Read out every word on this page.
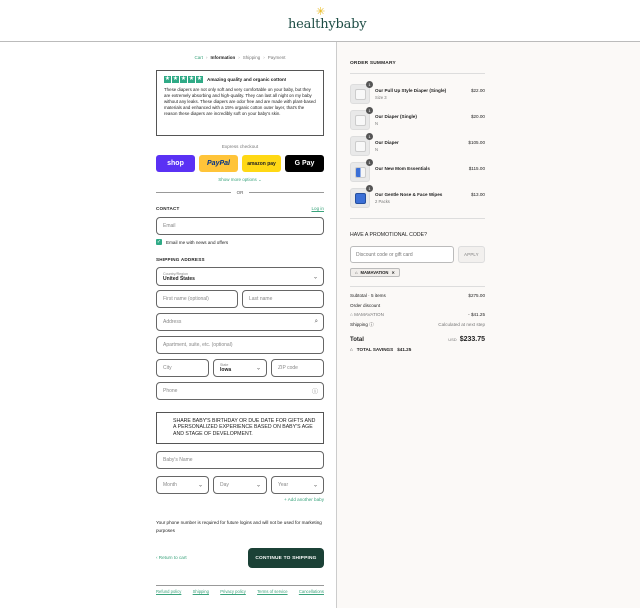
✳
healthybaby
Cart › Information › Shipping › Payment
★ ★ ★ ★ ★ Amazing quality and organic cotton!
These diapers are not only soft and very comfortable on your baby, but they are extremely absorbing and high-quality. They can last all night on my baby without any leaks. These diapers are odor free and are made with plant-based materials and enhanced with a 15% organic cotton outer layer, that's the reason these diapers are incredibly soft on your baby's skin.
Express checkout
shop	PayPal	amazon pay	G Pay
Show more options ⌄
OR
CONTACT	Log in
Email
✓ Email me with news and offers
SHIPPING ADDRESS
Country/Region
United States	⌄
First name (optional)	Last name
Address	⌕
Apartment, suite, etc. (optional)
City	State
Iowa	⌄	ZIP code
Phone	ⓘ
SHARE BABY'S BIRTHDAY OR DUE DATE FOR GIFTS AND A PERSONALIZED EXPERIENCE BASED ON BABY'S AGE AND STAGE OF DEVELOPMENT.
Baby's Name
Month	⌄	Day	⌄	Year	⌄
+ Add another baby
Your phone number is required for future logins and will not be used for marketing purposes
‹ Return to cart	CONTINUE TO SHIPPING
Refund policy	Shipping	Privacy policy	Terms of service	Cancellations
ORDER SUMMARY
1
Our Pull Up Style Diaper (Single)
Size 3
$22.00
1
Our Diaper (Single)
N
$20.00
1
Our Diaper
N
$105.00
1
Our New Mom Essentials	$115.00
1
Our Gentle Nose & Face Wipes
2 Packs
$13.00
HAVE A PROMOTIONAL CODE?
Discount code or gift card	APPLY
⌂ MAMAVATION ✕
Subtotal · 5 items	$275.00
Order discount
⌂ MAMAVATION	- $41.25
Shipping ⓘ	Calculated at next step
Total	USD $233.75
⌂ TOTAL SAVINGS $41.25
